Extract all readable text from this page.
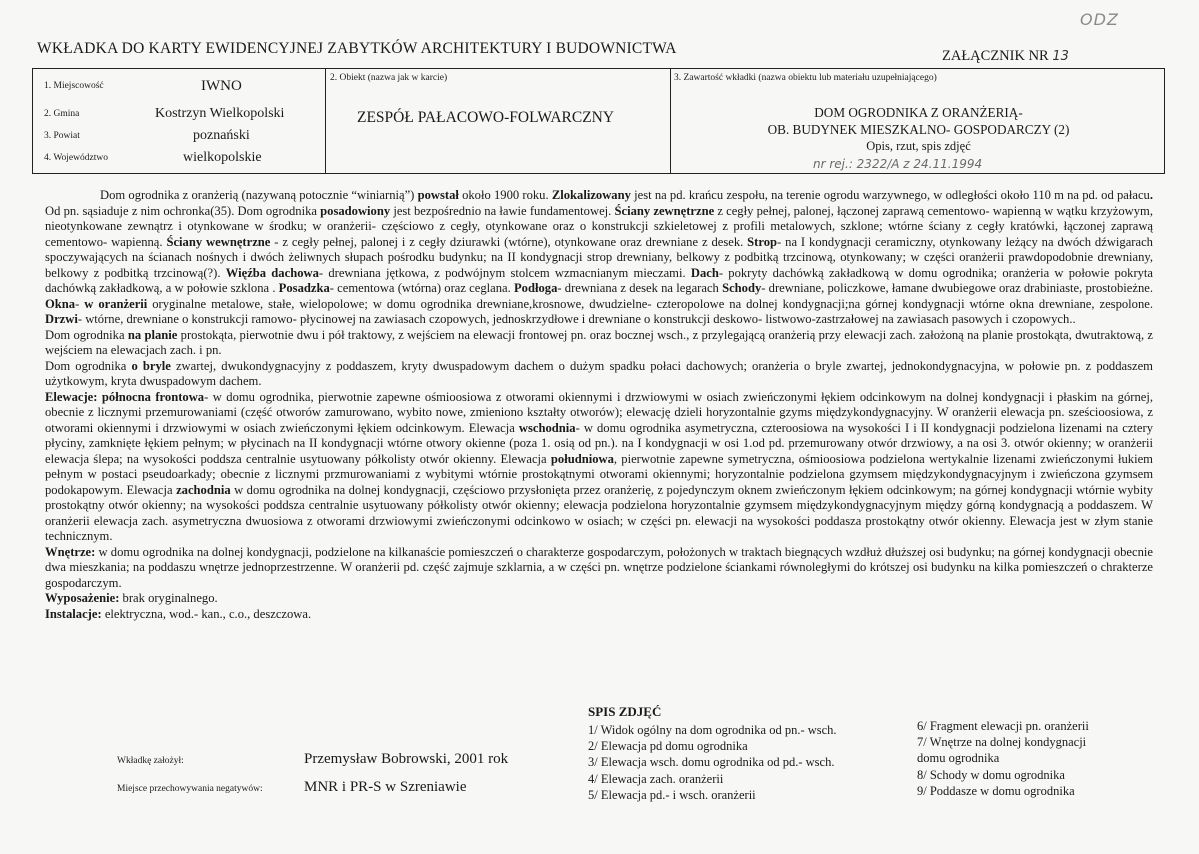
ODZ
WKŁADKA DO KARTY EWIDENCYJNEJ ZABYTKÓW ARCHITEKTURY I BUDOWNICTWA	ZAŁĄCZNIK NR 13
1. Miejscowość	IWNO
2. Gmina	Kostrzyn Wielkopolski
3. Powiat	poznański
4. Województwo	wielkopolskie
2. Obiekt (nazwa jak w karcie)
ZESPÓŁ PAŁACOWO-FOLWARCZNY
3. Zawartość wkładki (nazwa obiektu lub materiału uzupełniającego)
DOM OGRODNIKA Z ORANŻERIĄ-
OB. BUDYNEK MIESZKALNO- GOSPODARCZY (2)
Opis, rzut, spis zdjęć
nr rej.: 2322/A z 24.11.1994

Dom ogrodnika z oranżerią (nazywaną potocznie “winiarnią”) powstał około 1900 roku. Zlokalizowany jest na pd. krańcu zespołu, na terenie ogrodu warzywnego, w odległości około 110 m na pd. od pałacu. Od pn. sąsiaduje z nim ochronka(35). Dom ogrodnika posadowiony jest bezpośrednio na ławie fundamentowej. Ściany zewnętrzne z cegły pełnej, palonej, łączonej zaprawą cementowo- wapienną w wątku krzyżowym, nieotynkowane zewnątrz i otynkowane w środku; w oranżerii- częściowo z cegły, otynkowane oraz o konstrukcji szkieletowej z profili metalowych, szklone; wtórne ściany z cegły kratówki, łączonej zaprawą cementowo- wapienną. Ściany wewnętrzne - z cegły pełnej, palonej i z cegły dziurawki (wtórne), otynkowane oraz drewniane z desek. Strop- na I kondygnacji ceramiczny, otynkowany leżący na dwóch dźwigarach spoczywających na ścianach nośnych i dwóch żeliwnych słupach pośrodku budynku; na II kondygnacji strop drewniany, belkowy z podbitką trzcinową, otynkowany; w części oranżerii prawdopodobnie drewniany, belkowy z podbitką trzcinową(?). Więźba dachowa- drewniana jętkowa, z podwójnym stolcem wzmacnianym mieczami. Dach- pokryty dachówką zakładkową w domu ogrodnika; oranżeria w połowie pokryta dachówką zakładkową, a w połowie szklona . Posadzka- cementowa (wtórna) oraz ceglana. Podłoga- drewniana z desek na legarach Schody- drewniane, policzkowe, łamane dwubiegowe oraz drabiniaste, prostobieżne. Okna- w oranżerii oryginalne metalowe, stałe, wielopolowe; w domu ogrodnika drewniane,krosnowe, dwudzielne- czteropolowe na dolnej kondygnacji;na górnej kondygnacji wtórne okna drewniane, zespolone. Drzwi- wtórne, drewniane o konstrukcji ramowo- płycinowej na zawiasach czopowych, jednoskrzydłowe i drewniane o konstrukcji deskowo- listwowo-zastrzałowej na zawiasach pasowych i czopowych..

Dom ogrodnika na planie prostokąta, pierwotnie dwu i pół traktowy, z wejściem na elewacji frontowej pn. oraz bocznej wsch., z przylegającą oranżerią przy elewacji zach. założoną na planie prostokąta, dwutraktową, z wejściem na elewacjach zach. i pn.

Dom ogrodnika o bryle zwartej, dwukondygnacyjny z poddaszem, kryty dwuspadowym dachem o dużym spadku połaci dachowych; oranżeria o bryle zwartej, jednokondygnacyjna, w połowie pn. z poddaszem użytkowym, kryta dwuspadowym dachem.

Elewacje: północna frontowa- w domu ogrodnika, pierwotnie zapewne ośmioosiowa z otworami okiennymi i drzwiowymi w osiach zwieńczonymi łękiem odcinkowym na dolnej kondygnacji i płaskim na górnej, obecnie z licznymi przemurowaniami (część otworów zamurowano, wybito nowe, zmieniono kształty otworów); elewację dzieli horyzontalnie gzyms międzykondygnacyjny. W oranżerii elewacja pn. sześcioosiowa, z otworami okiennymi i drzwiowymi w osiach zwieńczonymi łękiem odcinkowym. Elewacja wschodnia- w domu ogrodnika asymetryczna, czteroosiowa na wysokości I i II kondygnacji podzielona lizenami na cztery płyciny, zamknięte łękiem pełnym; w płycinach na II kondygnacji wtórne otwory okienne (poza 1. osią od pn.). na I kondygnacji w osi 1.od pd. przemurowany otwór drzwiowy, a na osi 3. otwór okienny; w oranżerii elewacja ślepa; na wysokości poddsza centralnie usytuowany półkolisty otwór okienny. Elewacja południowa, pierwotnie zapewne symetryczna, ośmioosiowa podzielona wertykalnie lizenami zwieńczonymi łukiem pełnym w postaci pseudoarkady; obecnie z licznymi przmurowaniami z wybitymi wtórnie prostokątnymi otworami okiennymi; horyzontalnie podzielona gzymsem międzykondygnacyjnym i zwieńczona gzymsem podokapowym. Elewacja zachodnia w domu ogrodnika na dolnej kondygnacji, częściowo przysłonięta przez oranżerię, z pojedynczym oknem zwieńczonym łękiem odcinkowym; na górnej kondygnacji wtórnie wybity prostokątny otwór okienny; na wysokości poddsza centralnie usytuowany półkolisty otwór okienny; elewacja podzielona horyzontalnie gzymsem międzykondygnacyjnym między górną kondygnacją a poddaszem. W oranżerii elewacja zach. asymetryczna dwuosiowa z otworami drzwiowymi zwieńczonymi odcinkowo w osiach; w części pn. elewacji na wysokości poddasza prostokątny otwór okienny. Elewacja jest w złym stanie technicznym.

Wnętrze: w domu ogrodnika na dolnej kondygnacji, podzielone na kilkanaście pomieszczeń o charakterze gospodarczym, położonych w traktach biegnących wzdłuż dłuższej osi budynku; na górnej kondygnacji obecnie dwa mieszkania; na poddaszu wnętrze jednoprzestrzenne. W oranżerii pd. część zajmuje szklarnia, a w części pn. wnętrze podzielone ściankami równoległymi do krótszej osi budynku na kilka pomieszczeń o chrakterze gospodarczym.

Wyposażenie: brak oryginalnego.

Instalacje: elektryczna, wod.- kan., c.o., deszczowa.

Wkładkę założył:	Przemysław Bobrowski, 2001 rok
Miejsce przechowywania negatywów:	MNR i PR-S w Szreniawie
SPIS ZDJĘĆ
1/ Widok ogólny na dom ogrodnika od pn.- wsch.
2/ Elewacja pd domu ogrodnika
3/ Elewacja wsch. domu ogrodnika od pd.- wsch.
4/ Elewacja zach. oranżerii
5/ Elewacja pd.- i wsch. oranżerii
6/ Fragment elewacji pn. oranżerii
7/ Wnętrze na dolnej kondygnacji
domu ogrodnika
8/ Schody w domu ogrodnika
9/ Poddasze w domu ogrodnika
